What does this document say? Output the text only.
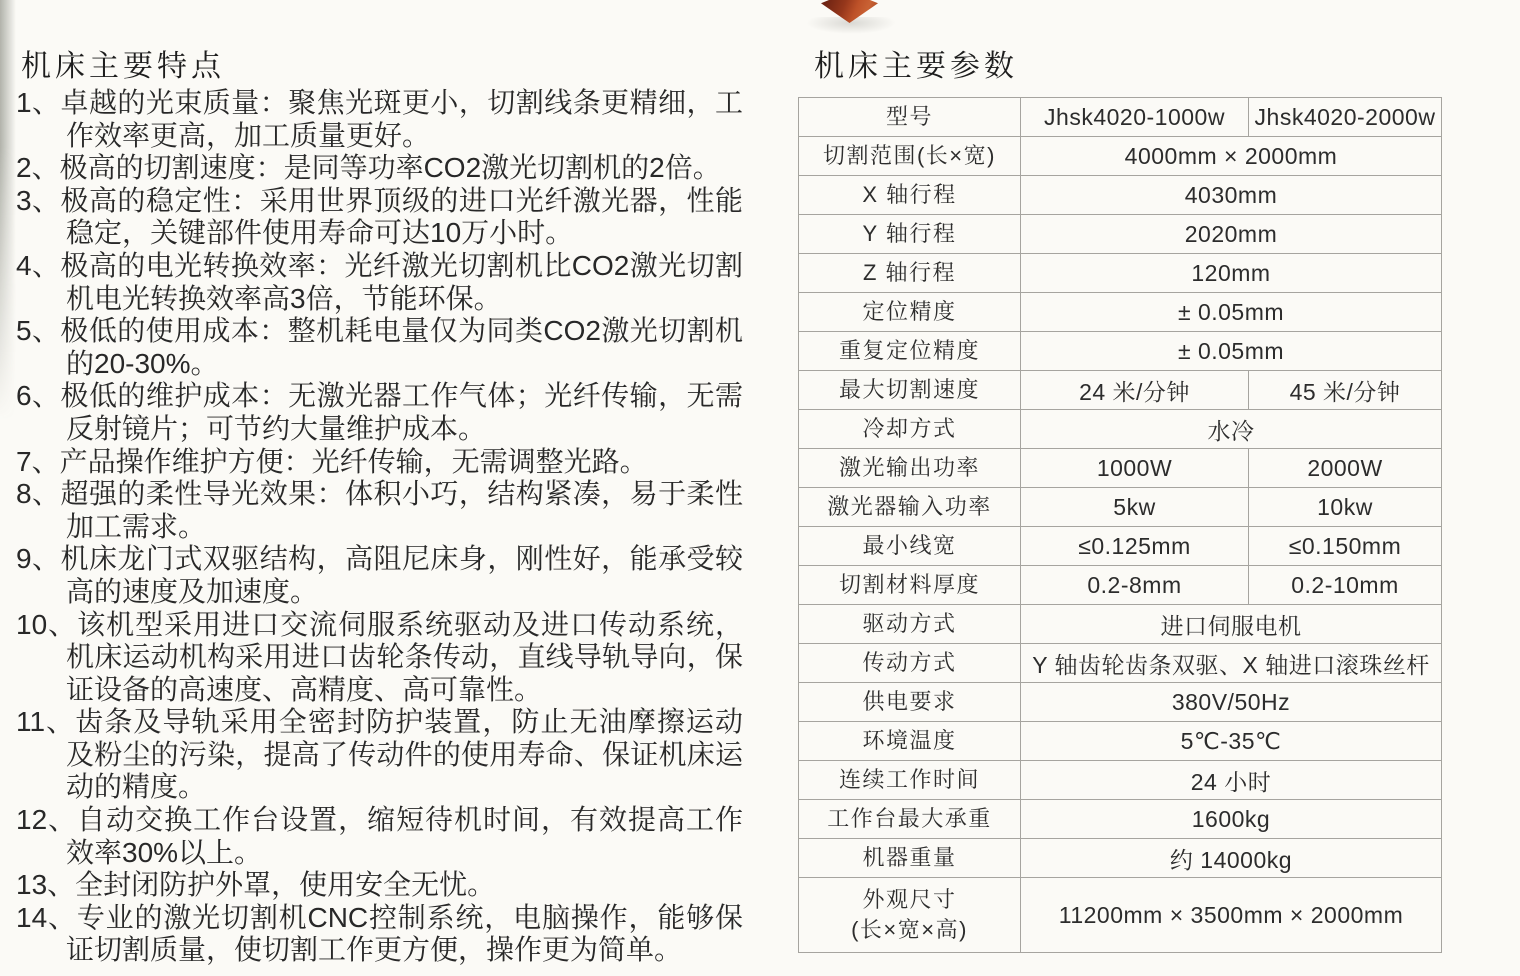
机床主要特点	机床主要参数
1、卓越的光束质量：聚焦光斑更小，切割线条更精细，工作效率更高，加工质量更好。
2、极高的切割速度：是同等功率CO2激光切割机的2倍。
3、极高的稳定性：采用世界顶级的进口光纤激光器，性能稳定，关键部件使用寿命可达10万小时。
4、极高的电光转换效率：光纤激光切割机比CO2激光切割机电光转换效率高3倍，节能环保。
5、极低的使用成本：整机耗电量仅为同类CO2激光切割机的20-30%。
6、极低的维护成本：无激光器工作气体；光纤传输，无需反射镜片；可节约大量维护成本。
7、产品操作维护方便：光纤传输，无需调整光路。
8、超强的柔性导光效果：体积小巧，结构紧凑，易于柔性加工需求。
9、机床龙门式双驱结构，高阻尼床身，刚性好，能承受较高的速度及加速度。
10、该机型采用进口交流伺服系统驱动及进口传动系统，机床运动机构采用进口齿轮条传动，直线导轨导向，保证设备的高速度、高精度、高可靠性。
11、齿条及导轨采用全密封防护装置，防止无油摩擦运动及粉尘的污染，提高了传动件的使用寿命、保证机床运动的精度。
12、自动交换工作台设置，缩短待机时间，有效提高工作效率30%以上。
13、全封闭防护外罩，使用安全无忧。
14、专业的激光切割机CNC控制系统，电脑操作，能够保证切割质量，使切割工作更方便，操作更为简单。
型号	Jhsk4020-1000w	Jhsk4020-2000w

切割范围(长×宽)	4000mm × 2000mm	

X 轴行程	4030mm	

Y 轴行程	2020mm	

Z 轴行程	120mm	

定位精度	± 0.05mm	

重复定位精度	± 0.05mm	

最大切割速度	24 米/分钟	45 米/分钟

冷却方式	水冷	

激光输出功率	1000W	2000W

激光器输入功率	5kw	10kw

最小线宽	≤0.125mm	≤0.150mm

切割材料厚度	0.2-8mm	0.2-10mm

驱动方式	进口伺服电机	

传动方式	Y 轴齿轮齿条双驱、X 轴进口滚珠丝杆	

供电要求	380V/50Hz	

环境温度	5℃-35℃	

连续工作时间	24 小时	

工作台最大承重	1600kg	

机器重量	约 14000kg	

外观尺寸
(长×宽×高)	11200mm × 3500mm × 2000mm	
